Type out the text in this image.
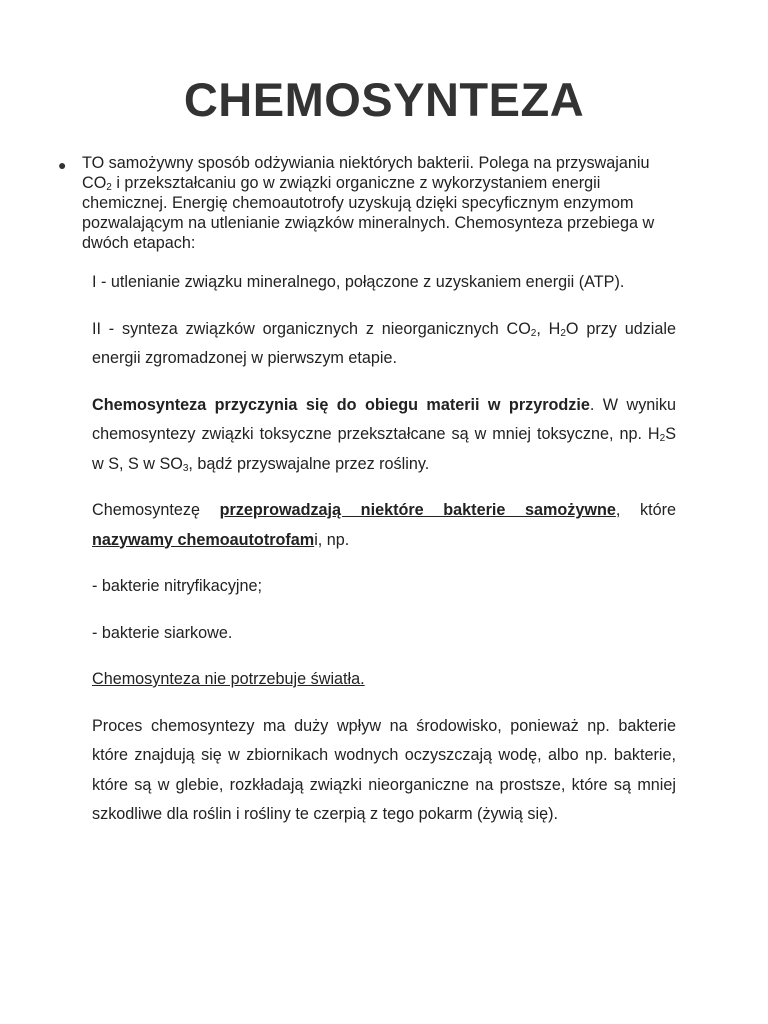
CHEMOSYNTEZA
● TO samożywny sposób odżywiania niektórych bakterii. Polega na przyswajaniu $CO_2$ i przekształcaniu go w związki organiczne z wykorzystaniem energii chemicznej. Energię chemoautotrofy uzyskują dzięki specyficznym enzymom pozwalającym na utlenianie związków mineralnych. Chemosynteza przebiega w dwóch etapach:

I - utlenianie związku mineralnego, połączone z uzyskaniem energii (ATP).

II - synteza związków organicznych z nieorganicznych $CO_2$, $H_2O$ przy udziale energii zgromadzonej w pierwszym etapie.

Chemosynteza przyczynia się do obiegu materii w przyrodzie. W wyniku chemosyntezy związki toksyczne przekształcane są w mniej toksyczne, np. $H_2S$ w S, S w $SO_3$, bądź przyswajalne przez rośliny.

Chemosyntezę przeprowadzają niektóre bakterie samożywne, które nazywamy chemoautotrofami, np.

- bakterie nitryfikacyjne;

- bakterie siarkowe.

Chemosynteza nie potrzebuje światła.

Proces chemosyntezy ma duży wpływ na środowisko, ponieważ np. bakterie które znajdują się w zbiornikach wodnych oczyszczają wodę, albo np. bakterie, które są w glebie, rozkładają związki nieorganiczne na prostsze, które są mniej szkodliwe dla roślin i rośliny te czerpią z tego pokarm (żywią się).
